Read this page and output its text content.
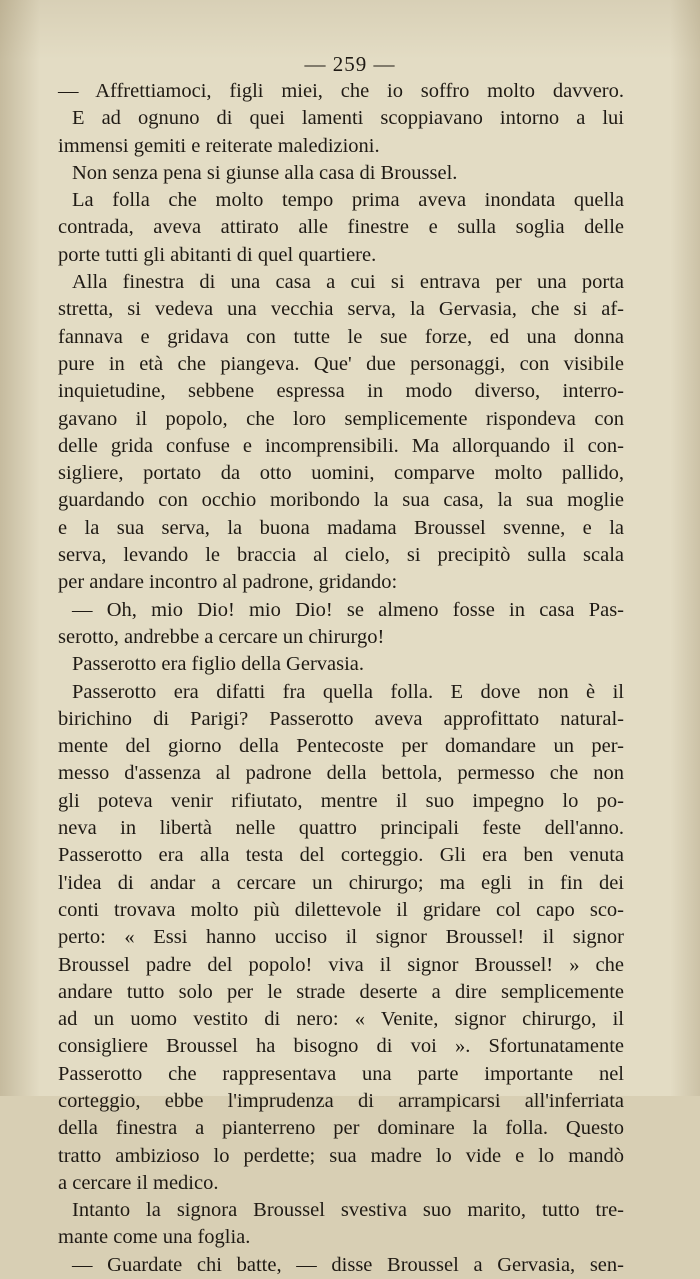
— 259 —
— Affrettiamoci, figli miei, che io soffro molto davvero.
E ad ognuno di quei lamenti scoppiavano intorno a lui
immensi gemiti e reiterate maledizioni.
Non senza pena si giunse alla casa di Broussel.
La folla che molto tempo prima aveva inondata quella
contrada, aveva attirato alle finestre e sulla soglia delle
porte tutti gli abitanti di quel quartiere.
Alla finestra di una casa a cui si entrava per una porta
stretta, si vedeva una vecchia serva, la Gervasia, che si af-
fannava e gridava con tutte le sue forze, ed una donna
pure in età che piangeva. Que' due personaggi, con visibile
inquietudine, sebbene espressa in modo diverso, interro-
gavano il popolo, che loro semplicemente rispondeva con
delle grida confuse e incomprensibili. Ma allorquando il con-
sigliere, portato da otto uomini, comparve molto pallido,
guardando con occhio moribondo la sua casa, la sua moglie
e la sua serva, la buona madama Broussel svenne, e la
serva, levando le braccia al cielo, si precipitò sulla scala
per andare incontro al padrone, gridando:
— Oh, mio Dio! mio Dio! se almeno fosse in casa Pas-
serotto, andrebbe a cercare un chirurgo!
Passerotto era figlio della Gervasia.
Passerotto era difatti fra quella folla. E dove non è il
birichino di Parigi? Passerotto aveva approfittato natural-
mente del giorno della Pentecoste per domandare un per-
messo d'assenza al padrone della bettola, permesso che non
gli poteva venir rifiutato, mentre il suo impegno lo po-
neva in libertà nelle quattro principali feste dell'anno.
Passerotto era alla testa del corteggio. Gli era ben venuta
l'idea di andar a cercare un chirurgo; ma egli in fin dei
conti trovava molto più dilettevole il gridare col capo sco-
perto: « Essi hanno ucciso il signor Broussel! il signor
Broussel padre del popolo! viva il signor Broussel! » che
andare tutto solo per le strade deserte a dire semplicemente
ad un uomo vestito di nero: « Venite, signor chirurgo, il
consigliere Broussel ha bisogno di voi ». Sfortunatamente
Passerotto che rappresentava una parte importante nel
corteggio, ebbe l'imprudenza di arrampicarsi all'inferriata
della finestra a pianterreno per dominare la folla. Questo
tratto ambizioso lo perdette; sua madre lo vide e lo mandò
a cercare il medico.
Intanto la signora Broussel svestiva suo marito, tutto tre-
mante come una foglia.
— Guardate chi batte, — disse Broussel a Gervasia, sen-
